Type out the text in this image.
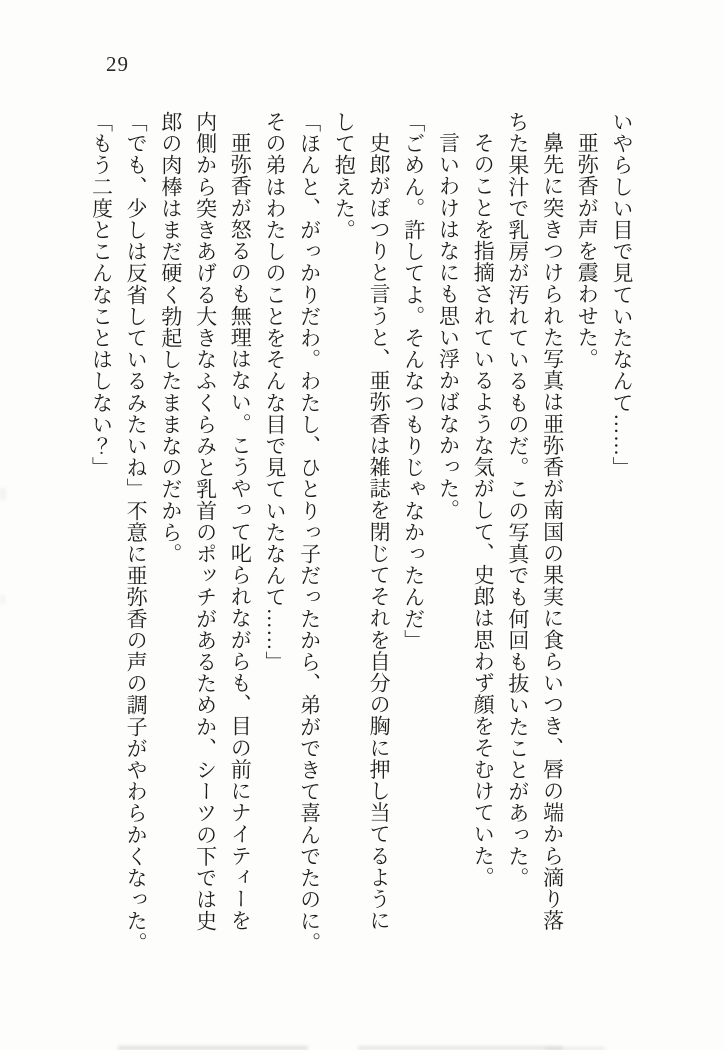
29

いやらしい目で見ていたなんて……」

亜弥香が声を震わせた。

鼻先に突きつけられた写真は亜弥香が南国の果実に食らいつき、唇の端から滴り落

ちた果汁で乳房が汚れているものだ。この写真でも何回も抜いたことがあった。

そのことを指摘されているような気がして、史郎は思わず顔をそむけていた。

言いわけはなにも思い浮かばなかった。

「ごめん。許してよ。そんなつもりじゃなかったんだ」

史郎がぽつりと言うと、亜弥香は雑誌を閉じてそれを自分の胸に押し当てるように

して抱えた。

「ほんと、がっかりだわ。わたし、ひとりっ子だったから、弟ができて喜んでたのに。

その弟はわたしのことをそんな目で見ていたなんて……」

亜弥香が怒るのも無理はない。こうやって叱られながらも、目の前にナイティーを

内側から突きあげる大きなふくらみと乳首のポッチがあるためか、シーツの下では史

郎の肉棒はまだ硬く勃起したままなのだから。

「でも、少しは反省しているみたいね」不意に亜弥香の声の調子がやわらかくなった。

「もう二度とこんなことはしない？」
